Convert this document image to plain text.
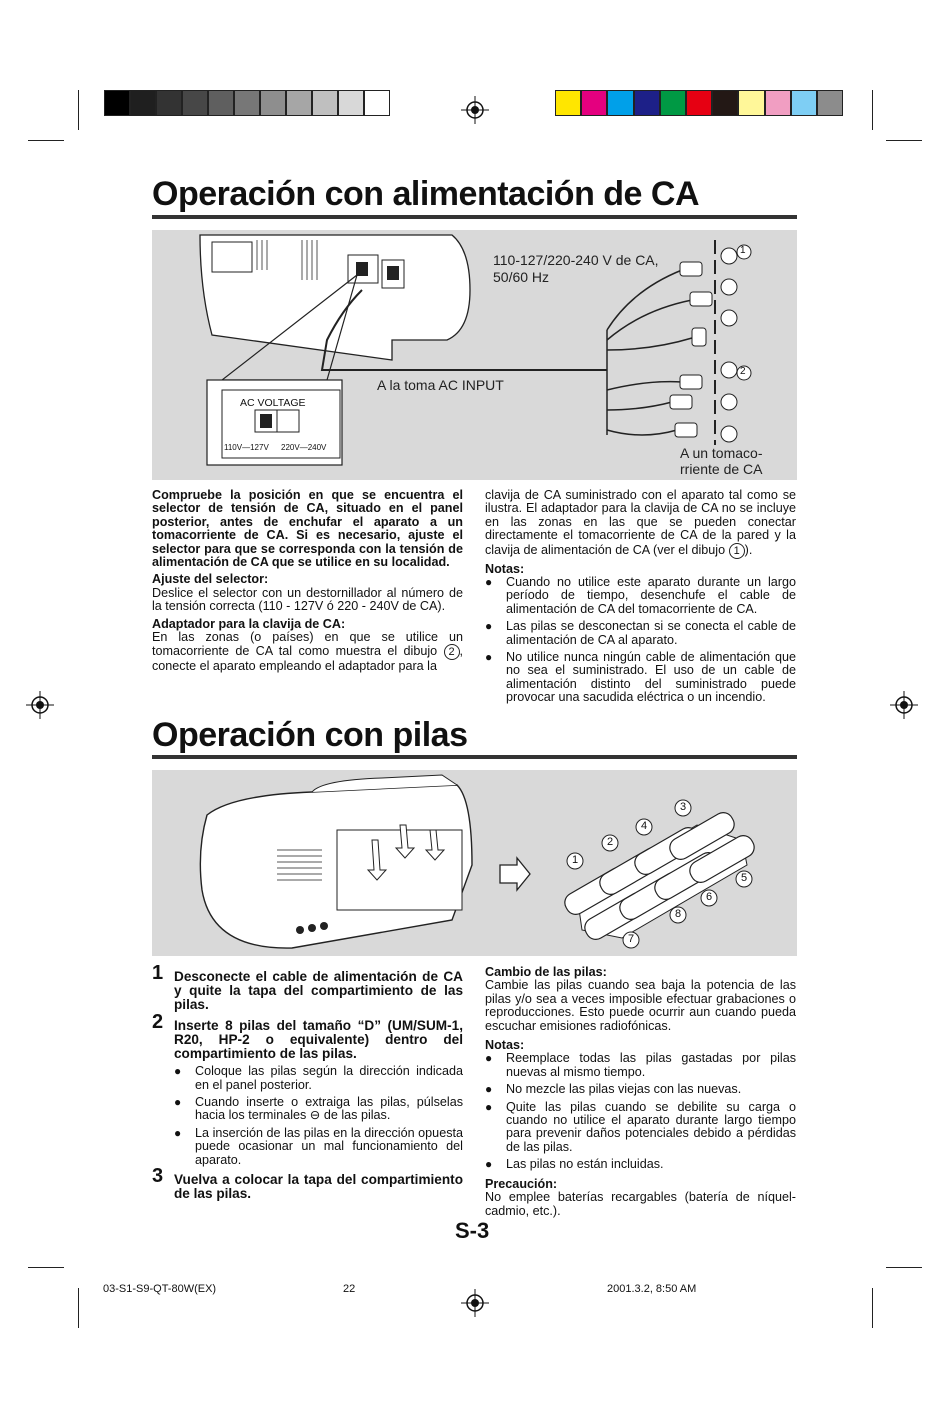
Operación con alimentación de CA
110-127/220-240 V de CA,
50/60 Hz
A la toma AC INPUT
A un tomaco-
rriente de CA
AC VOLTAGE
110V—127V 220V—240V
1
2

Compruebe la posición en que se encuentra el selector de tensión de CA, situado en el panel posterior, antes de enchufar el aparato a un tomacorriente de CA. Si es necesario, ajuste el selector para que se corresponda con la tensión de alimentación de CA que se utilice en su localidad.

Ajuste del selector:

Deslice el selector con un destornillador al número de la tensión correcta (110 - 127V ó 220 - 240V de CA).

Adaptador para la clavija de CA:

En las zonas (o países) en que se utilice un tomacorriente de CA tal como muestra el dibujo 2 , conecte el aparato empleando el adaptador para la

clavija de CA suministrado con el aparato tal como se ilustra. El adaptador para la clavija de CA no se incluye en las zonas en las que se pueden conectar directamente el tomacorriente de CA de la pared y la clavija de alimentación de CA (ver el dibujo 1 ).

Notas:

● Cuando no utilice este aparato durante un largo período de tiempo, desenchufe el cable de alimentación de CA del tomacorriente de CA.

● Las pilas se desconectan si se conecta el cable de alimentación de CA al aparato.

● No utilice nunca ningún cable de alimentación que no sea el suministrado. El uso de un cable de alimentación distinto del suministrado puede provocar una sacudida eléctrica o un incendio.

Operación con pilas
1
2
3
4
5
6
7
8

1 Desconecte el cable de alimentación de CA y quite la tapa del compartimiento de las pilas.

2 Inserte 8 pilas del tamaño “D” (UM/SUM-1, R20, HP-2 o equivalente) dentro del compartimiento de las pilas.

● Coloque las pilas según la dirección indicada en el panel posterior.

● Cuando inserte o extraiga las pilas, púlselas hacia los terminales ⊖ de las pilas.

● La inserción de las pilas en la dirección opuesta puede ocasionar un mal funcionamiento del aparato.

3 Vuelva a colocar la tapa del compartimiento de las pilas.

Cambio de las pilas:

Cambie las pilas cuando sea baja la potencia de las pilas y/o sea a veces imposible efectuar grabaciones o reproducciones. Esto puede ocurrir aun cuando pueda escuchar emisiones radiofónicas.

Notas:

● Reemplace todas las pilas gastadas por pilas nuevas al mismo tiempo.

● No mezcle las pilas viejas con las nuevas.

● Quite las pilas cuando se debilite su carga o cuando no utilice el aparato durante largo tiempo para prevenir daños potenciales debido a pérdidas de las pilas.

● Las pilas no están incluidas.

Precaución:

No emplee baterías recargables (batería de níquel-cadmio, etc.).

S-3
03-S1-S9-QT-80W(EX)	22	2001.3.2, 8:50 AM
